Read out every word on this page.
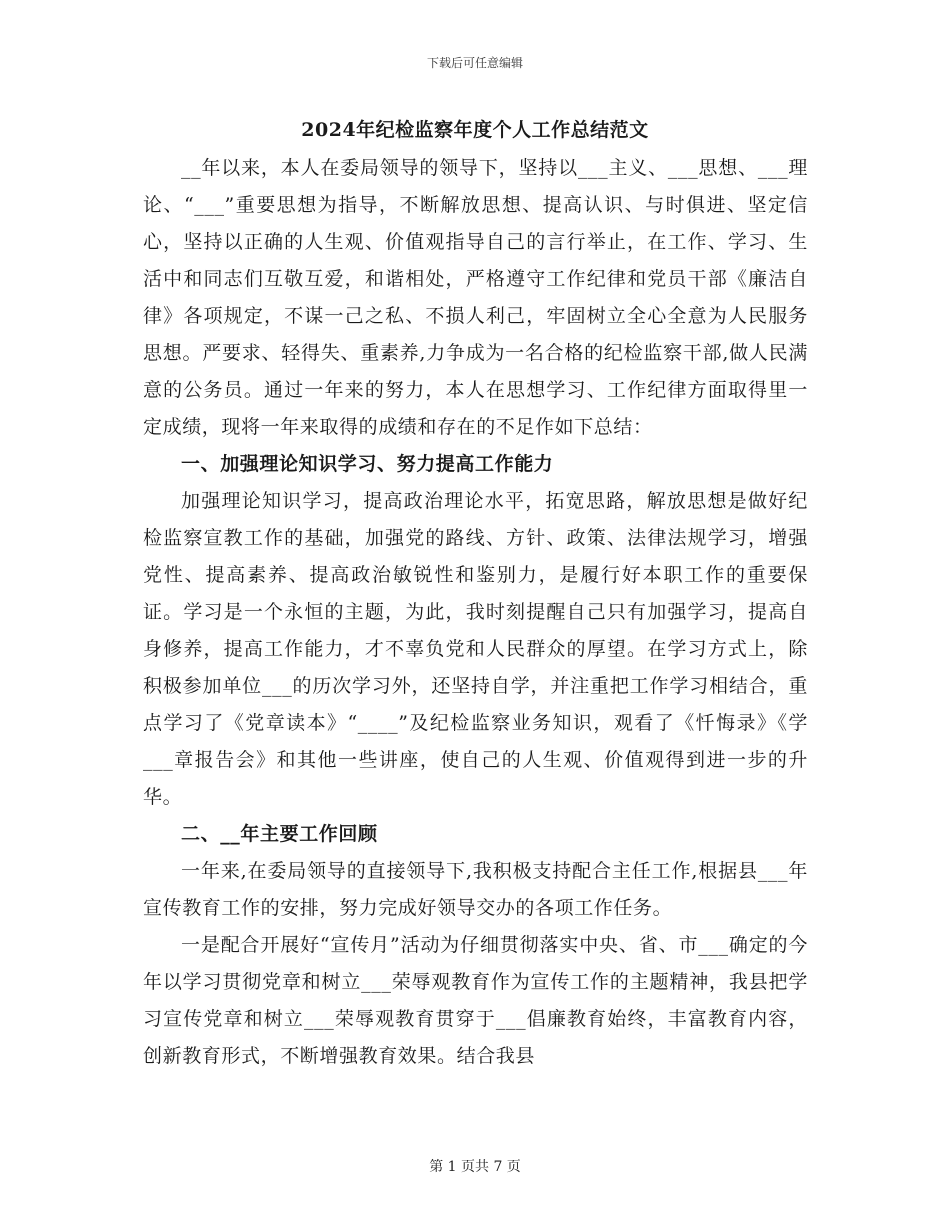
下载后可任意编辑
2024年纪检监察年度个人工作总结范文

__年以来，本人在委局领导的领导下，坚持以___主义、___思想、___理论、“___”重要思想为指导，不断解放思想、提高认识、与时俱进、坚定信心，坚持以正确的人生观、价值观指导自己的言行举止，在工作、学习、生活中和同志们互敬互爱，和谐相处，严格遵守工作纪律和党员干部《廉洁自律》各项规定，不谋一己之私、不损人利己，牢固树立全心全意为人民服务思想。严要求、轻得失、重素养,力争成为一名合格的纪检监察干部,做人民满意的公务员。通过一年来的努力，本人在思想学习、工作纪律方面取得里一定成绩，现将一年来取得的成绩和存在的不足作如下总结：

一、加强理论知识学习、努力提高工作能力

加强理论知识学习，提高政治理论水平，拓宽思路，解放思想是做好纪检监察宣教工作的基础，加强党的路线、方针、政策、法律法规学习，增强党性、提高素养、提高政治敏锐性和鉴别力，是履行好本职工作的重要保证。学习是一个永恒的主题，为此，我时刻提醒自己只有加强学习，提高自身修养，提高工作能力，才不辜负党和人民群众的厚望。在学习方式上，除积极参加单位___的历次学习外，还坚持自学，并注重把工作学习相结合，重点学习了《党章读本》“____”及纪检监察业务知识，观看了《忏悔录》《学___章报告会》和其他一些讲座，使自己的人生观、价值观得到进一步的升华。

二、__年主要工作回顾

一年来,在委局领导的直接领导下,我积极支持配合主任工作,根据县___年宣传教育工作的安排，努力完成好领导交办的各项工作任务。

一是配合开展好“宣传月”活动为仔细贯彻落实中央、省、市___确定的今年以学习贯彻党章和树立___荣辱观教育作为宣传工作的主题精神，我县把学习宣传党章和树立___荣辱观教育贯穿于___倡廉教育始终，丰富教育内容，创新教育形式，不断增强教育效果。结合我县

第 1 页共 7 页
